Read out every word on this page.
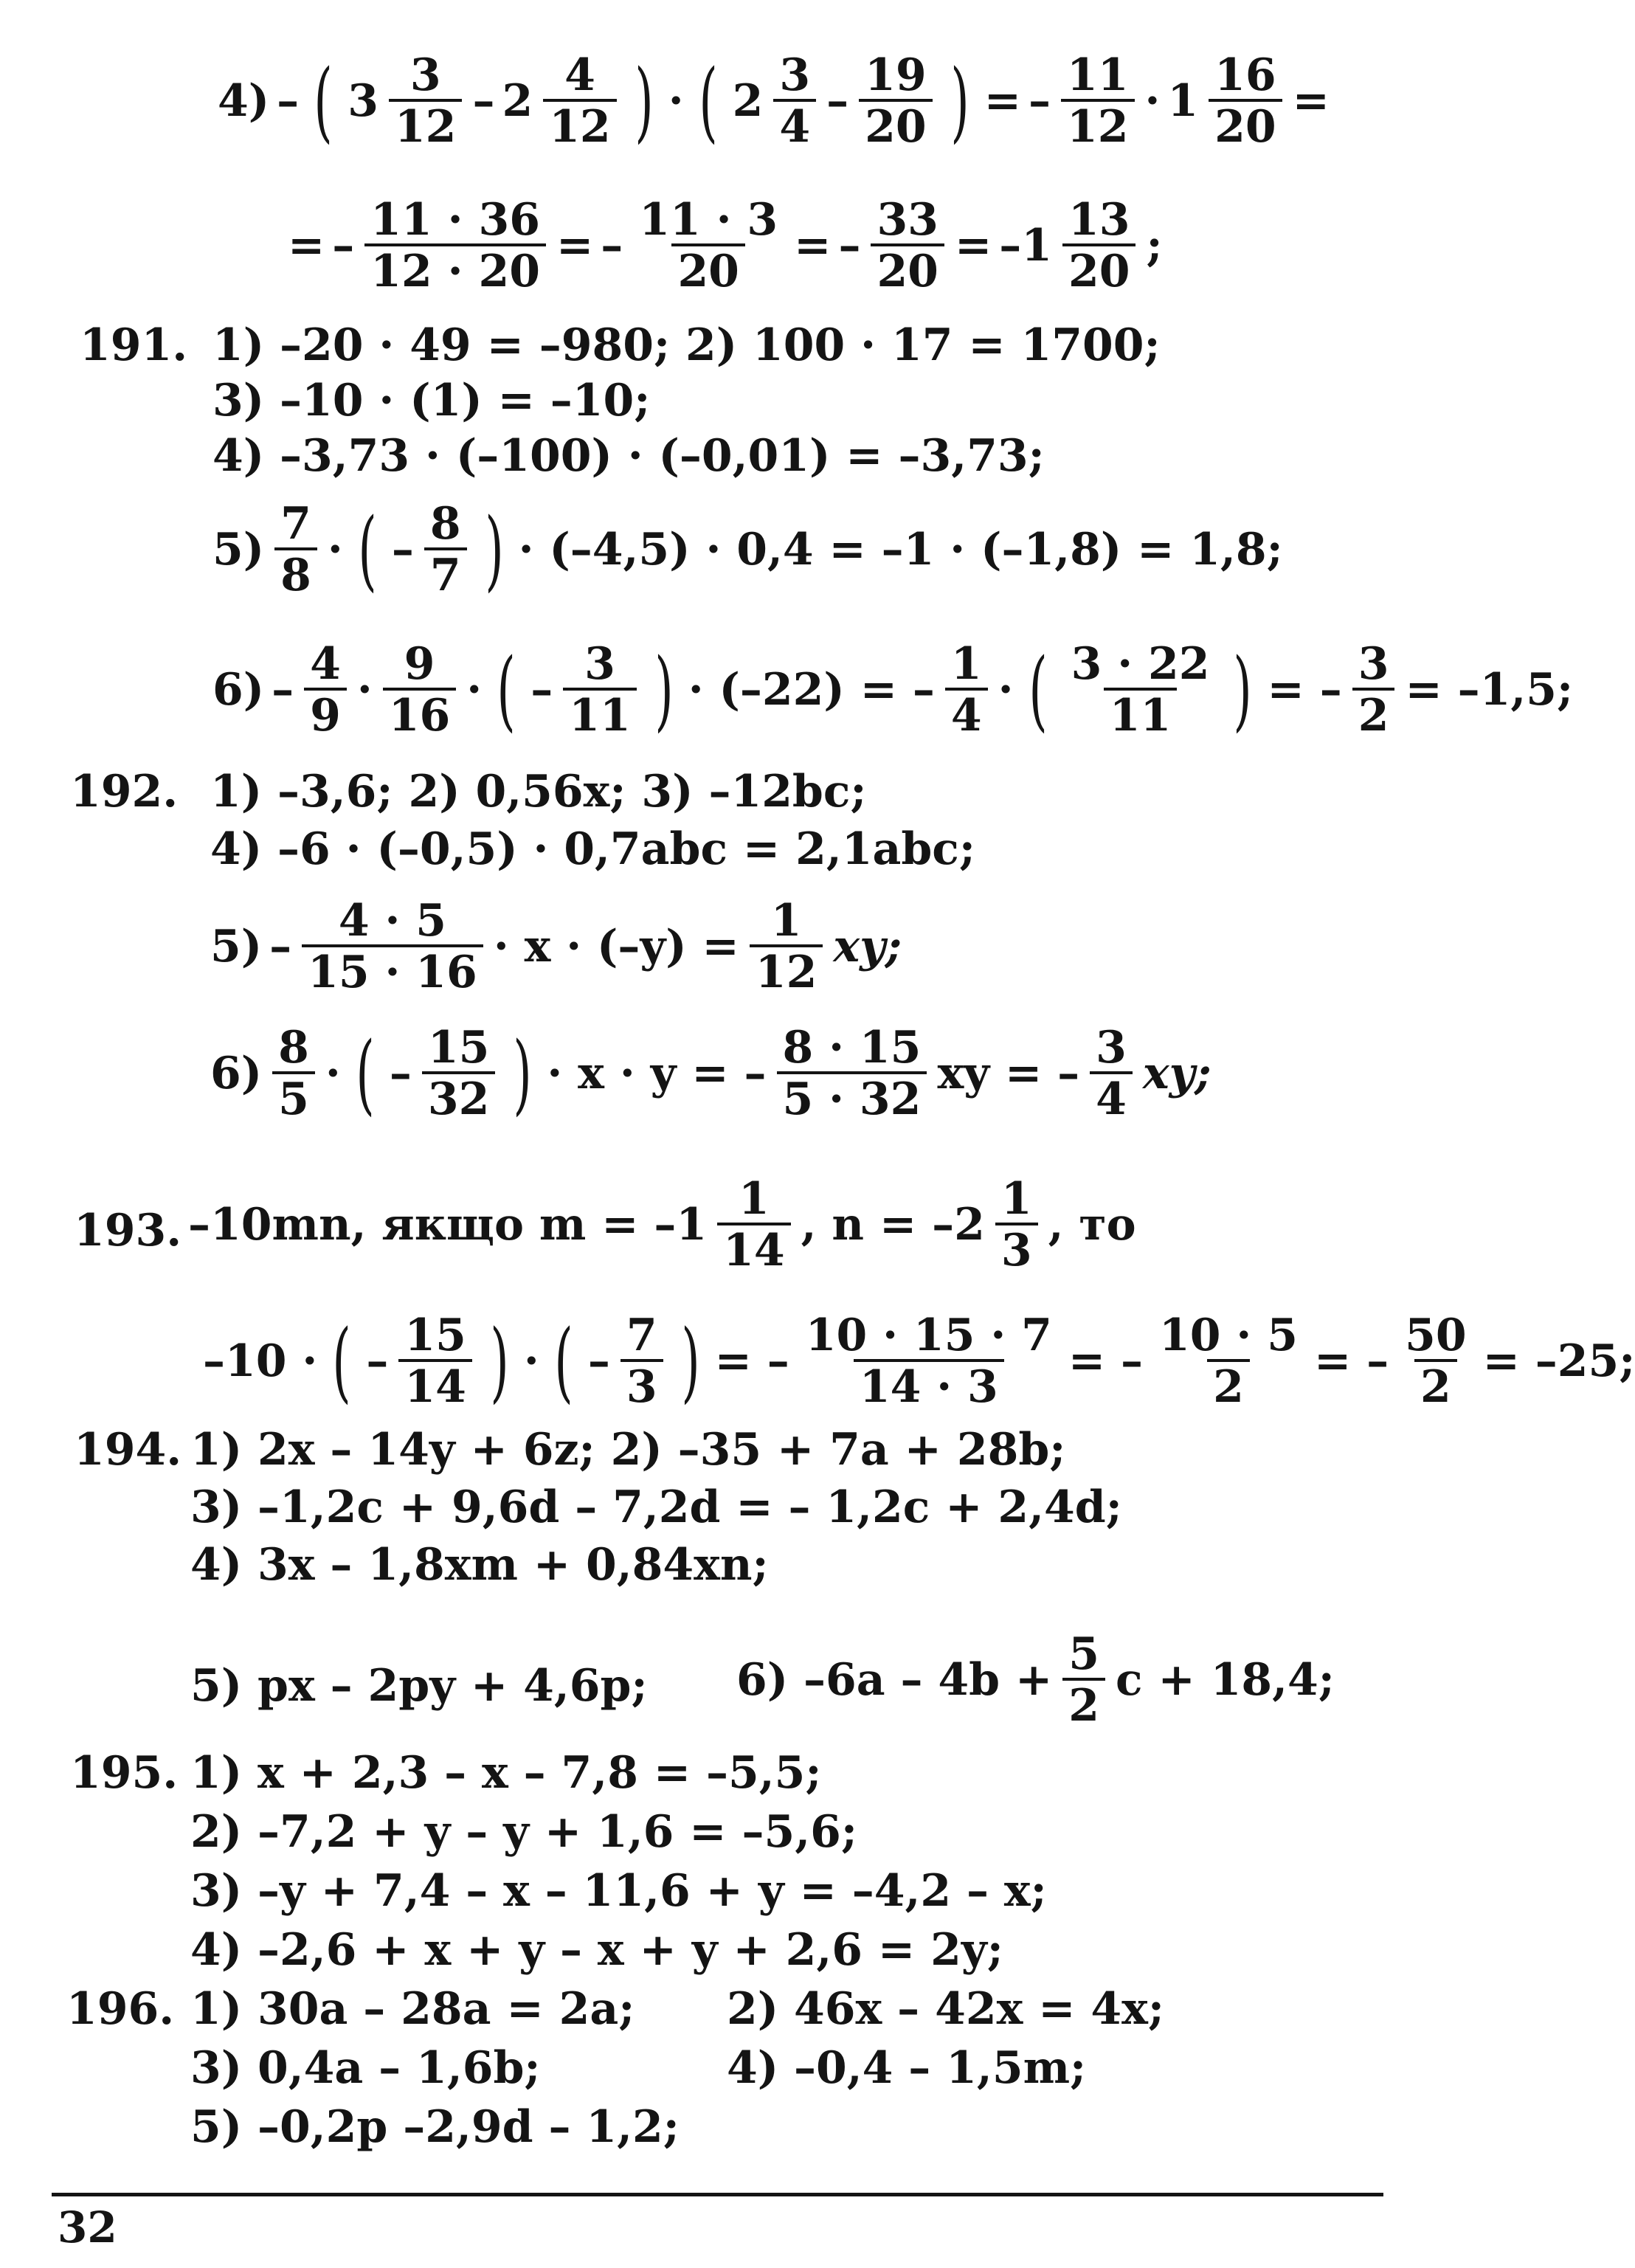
4) – ( $3 \frac{3}{12} - 2 \frac{4}{12}$ ) · ( $2 \frac{3}{4} - \frac{19}{20}$ ) = – $\frac{11}{12} \cdot 1 \frac{16}{20}$ =
= – $\frac{11 \cdot 36}{12 \cdot 20}$ = – $\frac{11 \cdot 3}{20}$ = – $\frac{33}{20} = -1 \frac{13}{20}$ ;
191. 1) –20 · 49 = –980; 2) 100 · 17 = 1700;
3) –10 · (1) = –10;
4) –3,73 · (–100) · (–0,01) = –3,73;
$5) \frac{7}{8}$ · ( – $\frac{8}{7}$ ) · (–4,5) · 0,4 = –1 · (–1,8) = 1,8;
$6) - \frac{4}{9} \cdot \frac{9}{16}$ · ( – $\frac{3}{11}$ ) · (–22) = – $\frac{1}{4}$ · ( $\frac{3 \cdot 22}{11}$ ) = – $\frac{3}{2} = -1,5$;
192. 1) –3,6; 2) 0,56x; 3) –12bc;
4) –6 · (–0,5) · 0,7abc = 2,1abc;
$5) - \frac{4 \cdot 5}{15 \cdot 16} \cdot x \cdot (-y) = \frac{1}{12}$ xy;
$6) \frac{8}{5}$ · ( – $\frac{15}{32}$ ) · x · y = – $\frac{8 \cdot 15}{5 \cdot 32}$ xy = – $\frac{3}{4}$ xy;
193. –10mn, якщо $m = -1 \frac{1}{14}$ , $n = -2 \frac{1}{3}$ , то
–10 · ( – $\frac{15}{14}$ ) · ( – $\frac{7}{3}$ ) = – $\frac{10 \cdot 15 \cdot 7}{14 \cdot 3}$ = – $\frac{10 \cdot 5}{2}$ = – $\frac{50}{2} = -25$;
194. 1) 2x – 14y + 6z; 2) –35 + 7a + 28b;
3) –1,2c + 9,6d – 7,2d = – 1,2c + 2,4d;
4) 3x – 1,8xm + 0,84xn;
5) px – 2py + 4,6p; 6) $-6a - 4b + \frac{5}{2}$ c + 18,4;
195. 1) x + 2,3 – x – 7,8 = –5,5;
2) –7,2 + y – y + 1,6 = –5,6;
3) –y + 7,4 – x – 11,6 + y = –4,2 – x;
4) –2,6 + x + y – x + y + 2,6 = 2y;
196. 1) 30a – 28a = 2a; 2) 46x – 42x = 4x;
3) 0,4a – 1,6b;	4) –0,4 – 1,5m;
5) –0,2p –2,9d – 1,2;
32
